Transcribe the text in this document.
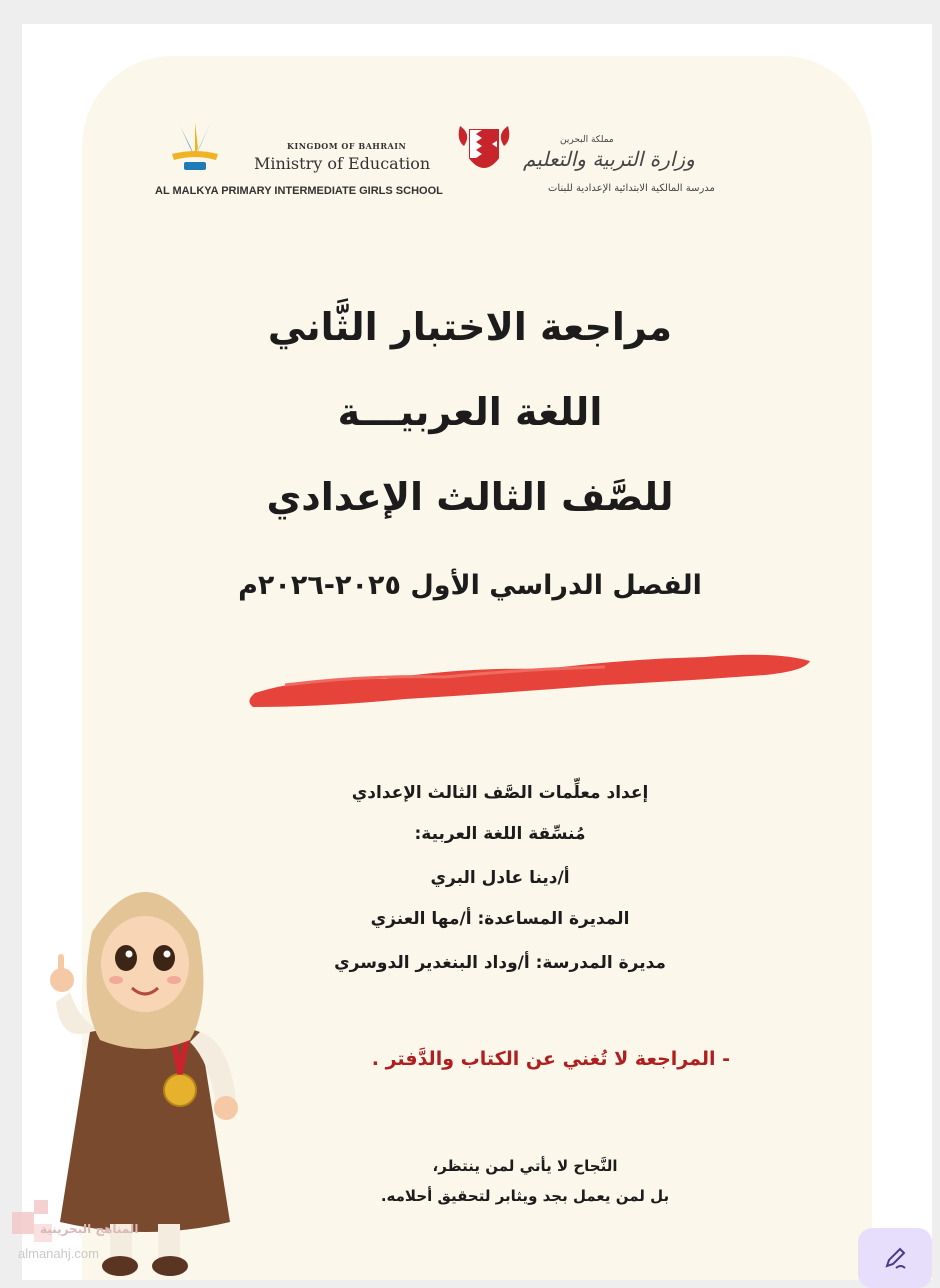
KINGDOM OF BAHRAIN
Ministry of Education
AL MALKYA PRIMARY INTERMEDIATE GIRLS SCHOOL
مملكة البحرين
وزارة التربية والتعليم
مدرسة المالكية الابتدائية الإعدادية للبنات
مراجعة الاختبار الثَّاني
اللغة العربيـــة
للصَّف الثالث الإعدادي
الفصل الدراسي الأول ٢٠٢٥-٢٠٢٦م
إعداد معلِّمات الصَّف الثالث الإعدادي
مُنسِّقة اللغة العربية:
أ/دينا عادل البري
المديرة المساعدة: أ/مها العنزي
مديرة المدرسة: أ/وداد البنغدير الدوسري
- المراجعة لا تُغني عن الكتاب والدَّفتر .
النَّجاح لا يأتي لمن ينتظر،
بل لمن يعمل بجد ويثابر لتحقيق أحلامه.
المناهج البحرينية
almanahj.com
